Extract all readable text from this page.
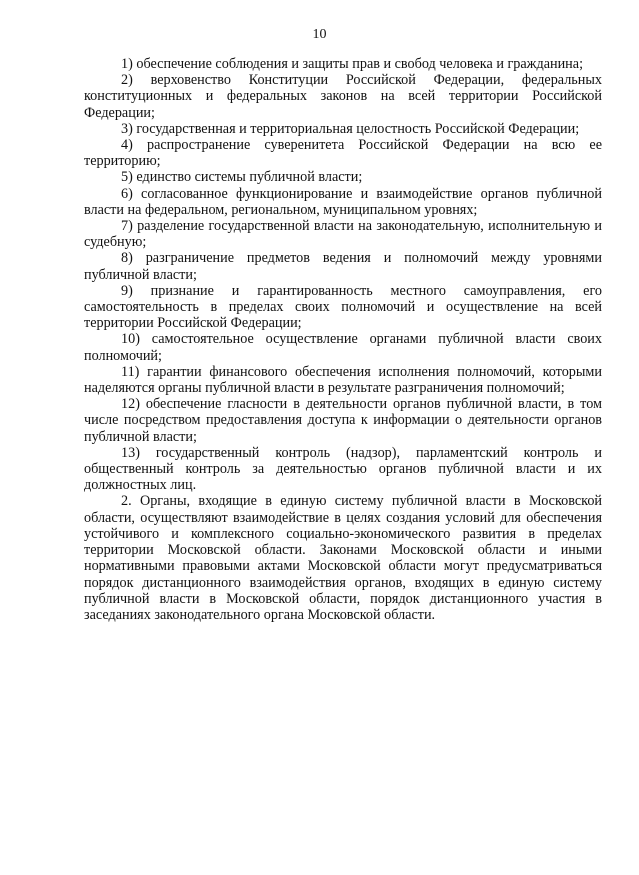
10

1) обеспечение соблюдения и защиты прав и свобод человека и гражданина;

2) верховенство Конституции Российской Федерации, федеральных конституционных и федеральных законов на всей территории Российской Федерации;

3) государственная и территориальная целостность Российской Федерации;

4) распространение суверенитета Российской Федерации на всю ее территорию;

5) единство системы публичной власти;

6) согласованное функционирование и взаимодействие органов публичной власти на федеральном, региональном, муниципальном уровнях;

7) разделение государственной власти на законодательную, исполнительную и судебную;

8) разграничение предметов ведения и полномочий между уровнями публичной власти;

9) признание и гарантированность местного самоуправления, его самостоятельность в пределах своих полномочий и осуществление на всей территории Российской Федерации;

10) самостоятельное осуществление органами публичной власти своих полномочий;

11) гарантии финансового обеспечения исполнения полномочий, которыми наделяются органы публичной власти в результате разграничения полномочий;

12) обеспечение гласности в деятельности органов публичной власти, в том числе посредством предоставления доступа к информации о деятельности органов публичной власти;

13) государственный контроль (надзор), парламентский контроль и общественный контроль за деятельностью органов публичной власти и их должностных лиц.

2. Органы, входящие в единую систему публичной власти в Московской области, осуществляют взаимодействие в целях создания условий для обеспечения устойчивого и комплексного социально-экономического развития в пределах территории Московской области. Законами Московской области и иными нормативными правовыми актами Московской области могут предусматриваться порядок дистанционного взаимодействия органов, входящих в единую систему публичной власти в Московской области, порядок дистанционного участия в заседаниях законодательного органа Московской области.
